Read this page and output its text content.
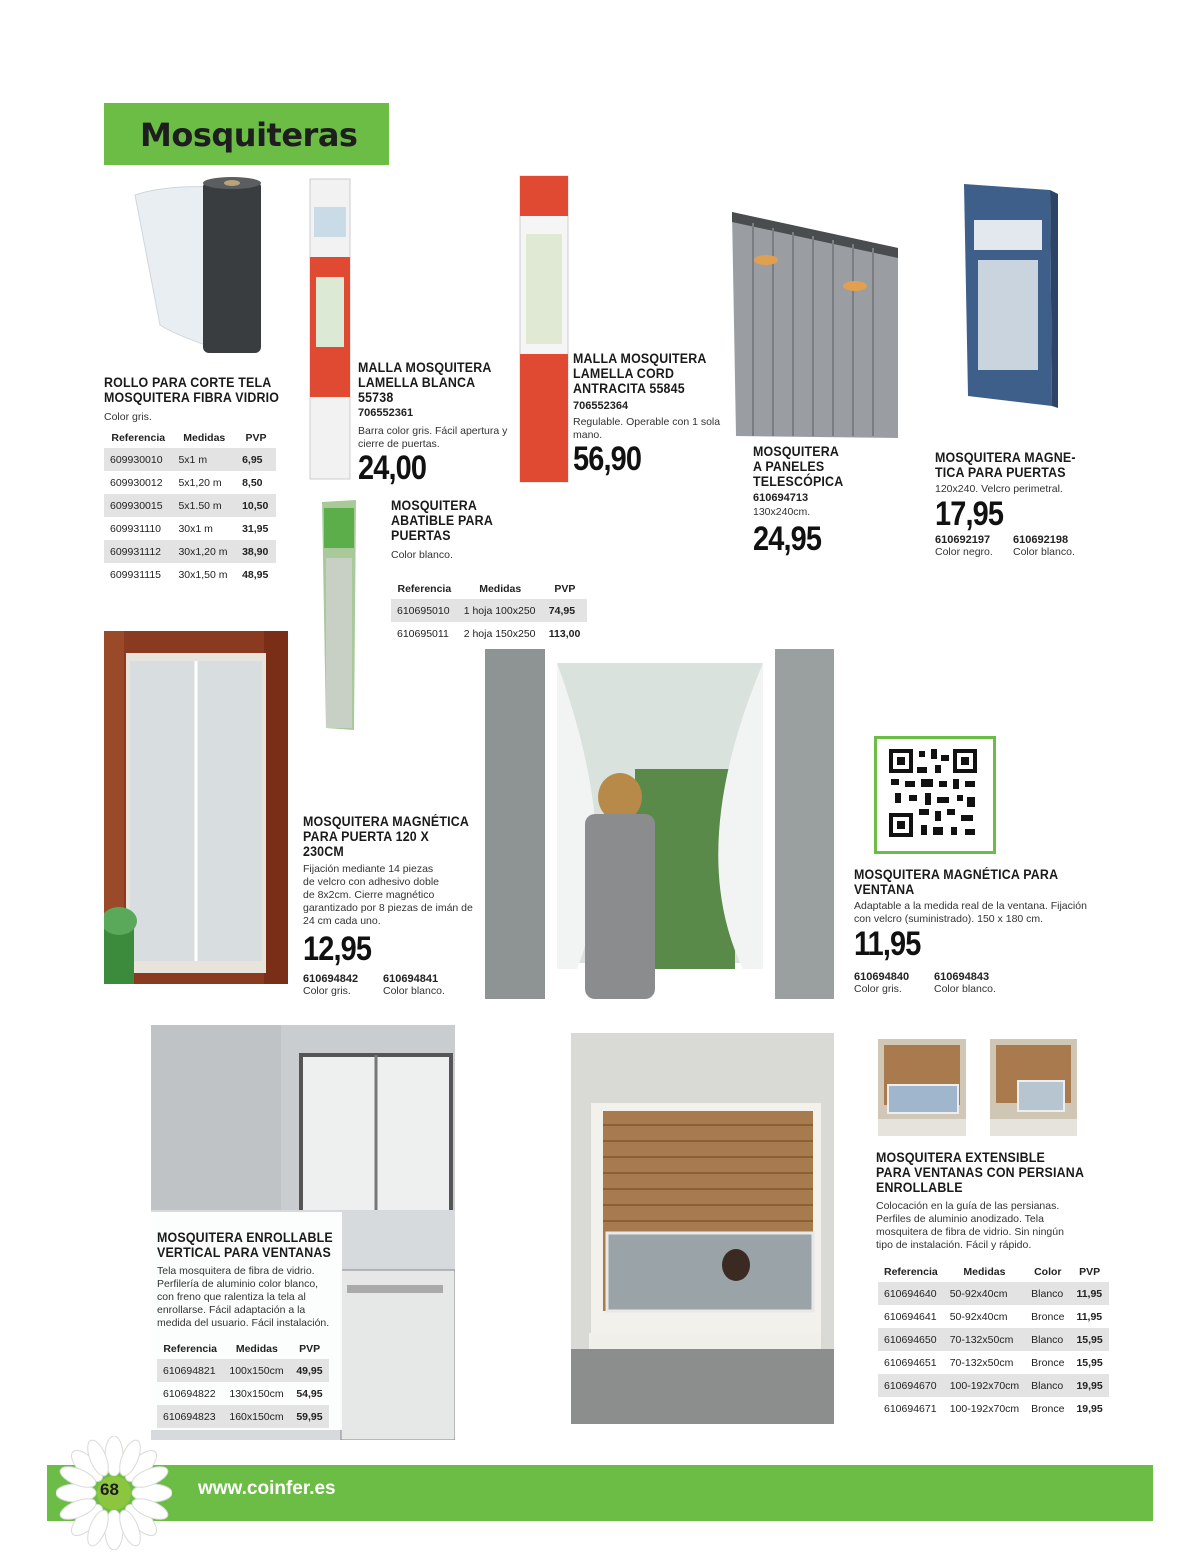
Mosquiteras
ROLLO PARA CORTE TELA
MOSQUITERA FIBRA VIDRIO
Color gris.
Referencia	Medidas	PVP
609930010	5x1 m	6,95
609930012	5x1,20 m	8,50
609930015	5x1.50 m	10,50
609931110	30x1 m	31,95
609931112	30x1,20 m	38,90
609931115	30x1,50 m	48,95
MALLA MOSQUITERA
LAMELLA BLANCA
55738
706552361
Barra color gris. Fácil apertura y
cierre de puertas.
24,00
MALLA MOSQUITERA
LAMELLA CORD
ANTRACITA 55845
706552364
Regulable. Operable con 1 sola
mano.
56,90	MOSQUITERA
A PANELES
TELESCÓPICA
610694713
130x240cm.
24,95
MOSQUITERA MAGNE-
TICA PARA PUERTAS
120x240. Velcro perimetral.
17,95
610692197
Color negro.
610692198
Color blanco.
MOSQUITERA
ABATIBLE PARA
PUERTAS
Color blanco.
Referencia	Medidas	PVP
610695010	1 hoja 100x250	74,95
610695011	2 hoja 150x250	113,00
MOSQUITERA MAGNÉTICA
PARA PUERTA 120 X
230CM
Fijación mediante 14 piezas
de velcro con adhesivo doble
de 8x2cm. Cierre magnético
garantizado por 8 piezas de imán de
24 cm cada uno.
12,95
610694842
Color gris.
610694841
Color blanco.
MOSQUITERA MAGNÉTICA PARA
VENTANA
Adaptable a la medida real de la ventana. Fijación
con velcro (suministrado). 150 x 180 cm.
11,95
610694840
Color gris.
610694843
Color blanco.
MOSQUITERA ENROLLABLE
VERTICAL PARA VENTANAS
Tela mosquitera de fibra de vidrio.
Perfilería de aluminio color blanco,
con freno que ralentiza la tela al
enrollarse. Fácil adaptación a la
medida del usuario. Fácil instalación.
Referencia	Medidas	PVP
610694821	100x150cm	49,95
610694822	130x150cm	54,95
610694823	160x150cm	59,95
MOSQUITERA EXTENSIBLE
PARA VENTANAS CON PERSIANA
ENROLLABLE
Colocación en la guía de las persianas.
Perfiles de aluminio anodizado. Tela
mosquitera de fibra de vidrio. Sin ningún
tipo de instalación. Fácil y rápido.
Referencia	Medidas	Color	PVP
610694640	50-92x40cm	Blanco	11,95
610694641	50-92x40cm	Bronce	11,95
610694650	70-132x50cm	Blanco	15,95
610694651	70-132x50cm	Bronce	15,95
610694670	100-192x70cm	Blanco	19,95
610694671	100-192x70cm	Bronce	19,95
68	www.coinfer.es
